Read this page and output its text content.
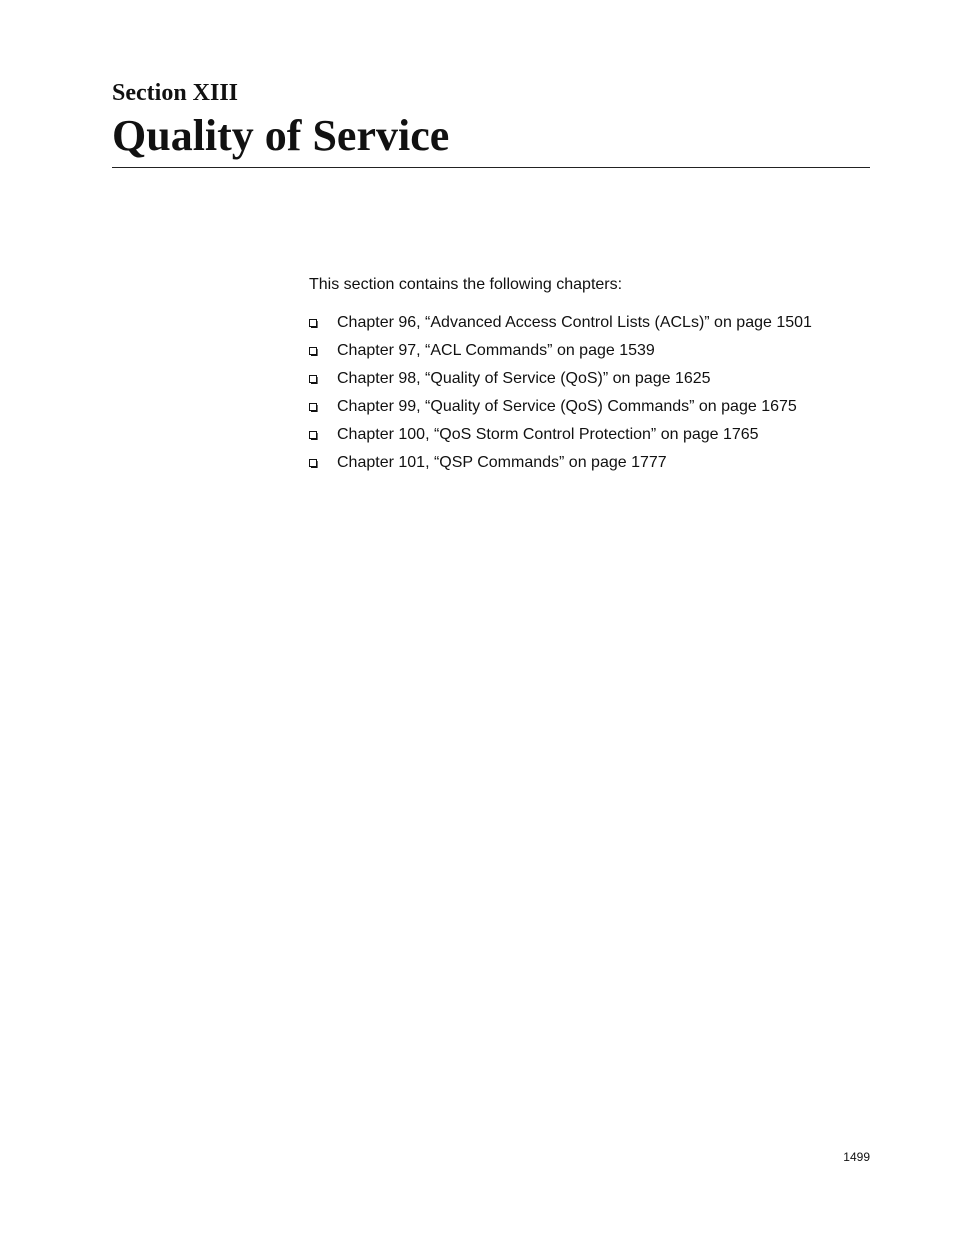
Section XIII
Quality of Service
This section contains the following chapters:
Chapter 96, “Advanced Access Control Lists (ACLs)” on page 1501
Chapter 97, “ACL Commands” on page 1539
Chapter 98, “Quality of Service (QoS)” on page 1625
Chapter 99, “Quality of Service (QoS) Commands” on page 1675
Chapter 100, “QoS Storm Control Protection” on page 1765
Chapter 101, “QSP Commands” on page 1777
1499
